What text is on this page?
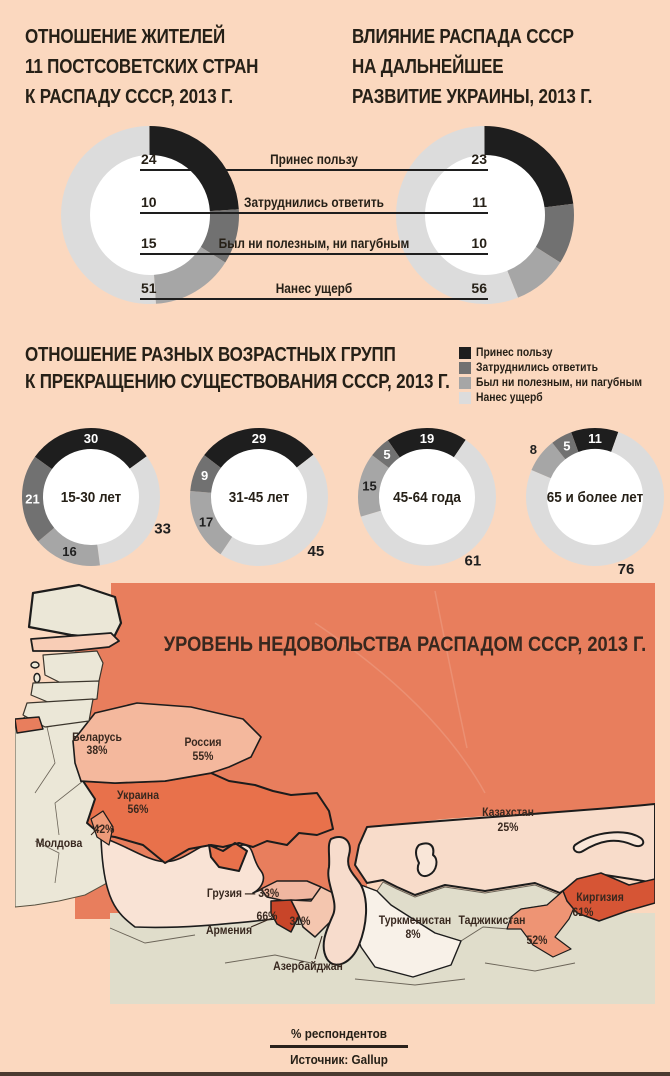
ОТНОШЕНИЕ ЖИТЕЛЕЙ
11 ПОСТСОВЕТСКИХ СТРАН
К РАСПАДУ СССР, 2013 Г.
ВЛИЯНИЕ РАСПАДА СССР
НА ДАЛЬНЕЙШЕЕ
РАЗВИТИЕ УКРАИНЫ, 2013 Г.
24	Принес пользу	23
10	Затруднились ответить	11
15	Был ни полезным, ни пагубным	10
51	Нанес ущерб	56
ОТНОШЕНИЕ РАЗНЫХ ВОЗРАСТНЫХ ГРУПП
К ПРЕКРАЩЕНИЮ СУЩЕСТВОВАНИЯ СССР, 2013 Г.
Принес пользу
Затруднились ответить
Был ни полезным, ни пагубным
Нанес ущерб
30
33
16
21 15-30 лет
29
45
17
9
31-45 лет
19
61
15
5
45-64 года
11
76
8 5
65 и более лет
УРОВЕНЬ НЕДОВОЛЬСТВА РАСПАДОМ СССР, 2013 Г.
Россия
55%
Украина
56%
Беларусь
38%
Молдова
42%
Грузия — 33%
Армения
66%
Азербайджан
31%
Казахстан
25%
Туркменистан
8%
Таджикистан
52%
Киргизия
61%
% респондентов
Источник: Gallup
